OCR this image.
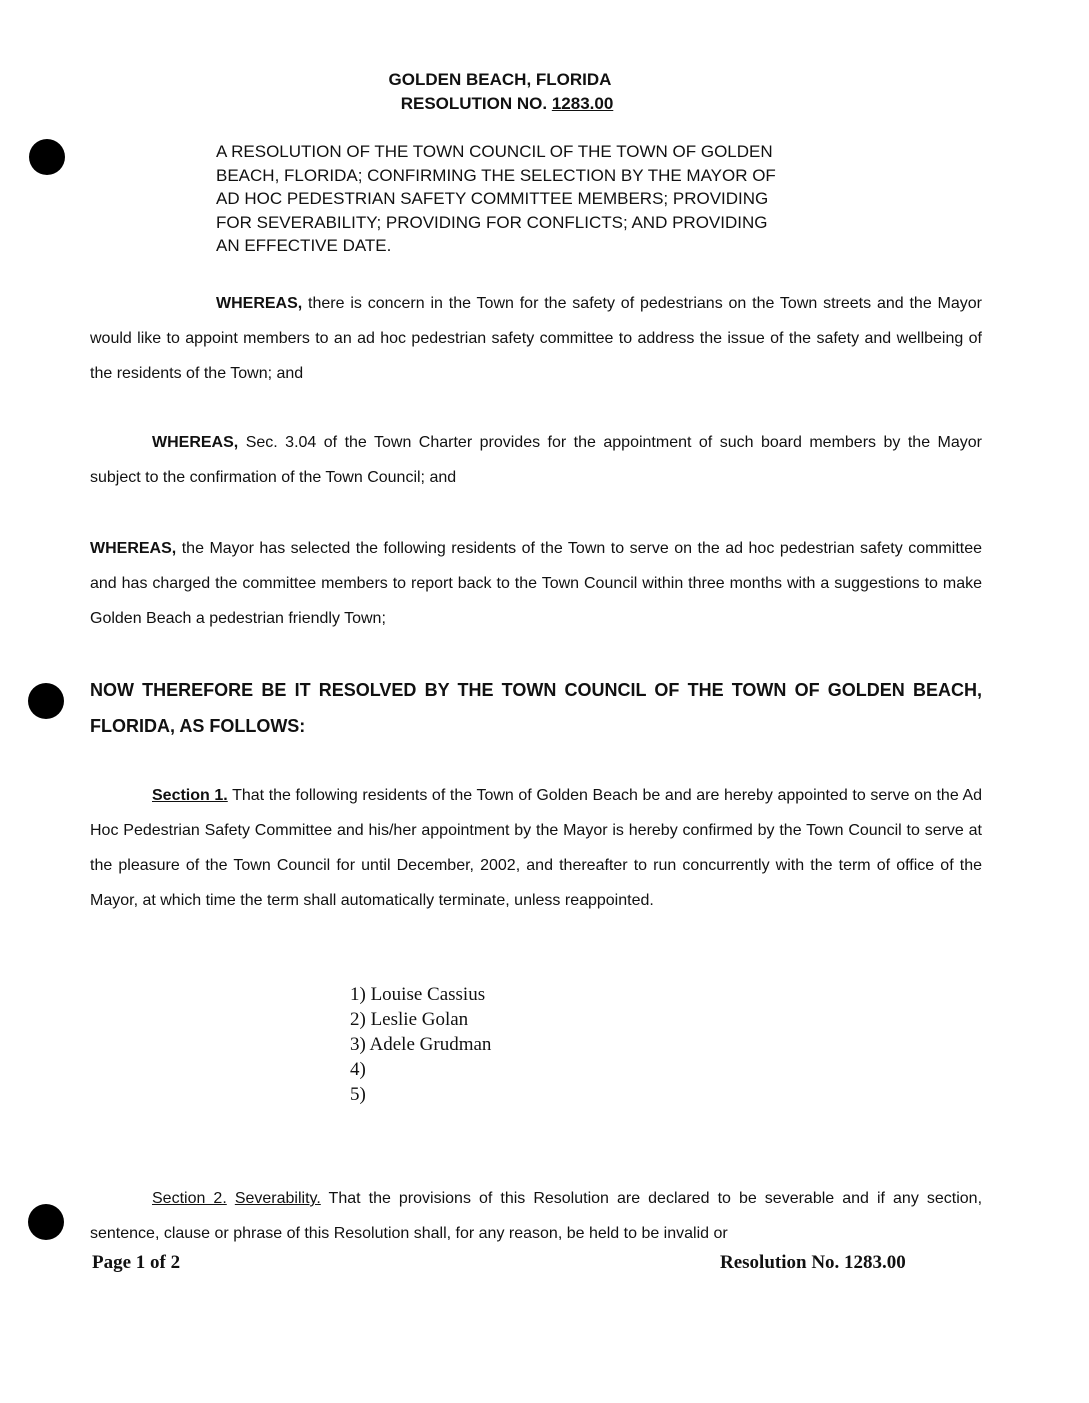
GOLDEN BEACH, FLORIDA
RESOLUTION NO. 1283.00
A RESOLUTION OF THE TOWN COUNCIL OF THE TOWN OF GOLDEN
BEACH, FLORIDA; CONFIRMING THE SELECTION BY THE MAYOR OF
AD HOC PEDESTRIAN SAFETY COMMITTEE MEMBERS; PROVIDING
FOR SEVERABILITY; PROVIDING FOR CONFLICTS; AND PROVIDING
AN EFFECTIVE DATE.
WHEREAS, there is concern in the Town for the safety of pedestrians on the Town streets and the Mayor would like to appoint members to an ad hoc pedestrian safety committee to address the issue of the safety and wellbeing of the residents of the Town; and
WHEREAS, Sec. 3.04 of the Town Charter provides for the appointment of such board members by the Mayor subject to the confirmation of the Town Council; and
WHEREAS, the Mayor has selected the following residents of the Town to serve on the ad hoc pedestrian safety committee and has charged the committee members to report back to the Town Council within three months with a suggestions to make Golden Beach a pedestrian friendly Town;
NOW THEREFORE BE IT RESOLVED BY THE TOWN COUNCIL OF THE TOWN OF GOLDEN BEACH, FLORIDA, AS FOLLOWS:
Section 1. That the following residents of the Town of Golden Beach be and are hereby appointed to serve on the Ad Hoc Pedestrian Safety Committee and his/her appointment by the Mayor is hereby confirmed by the Town Council to serve at the pleasure of the Town Council for until December, 2002, and thereafter to run concurrently with the term of office of the Mayor, at which time the term shall automatically terminate, unless reappointed.
1) Louise Cassius
2) Leslie Golan
3) Adele Grudman
4)
5)
Section 2. Severability. That the provisions of this Resolution are declared to be severable and if any section, sentence, clause or phrase of this Resolution shall, for any reason, be held to be invalid or
Page 1 of 2	Resolution No. 1283.00
